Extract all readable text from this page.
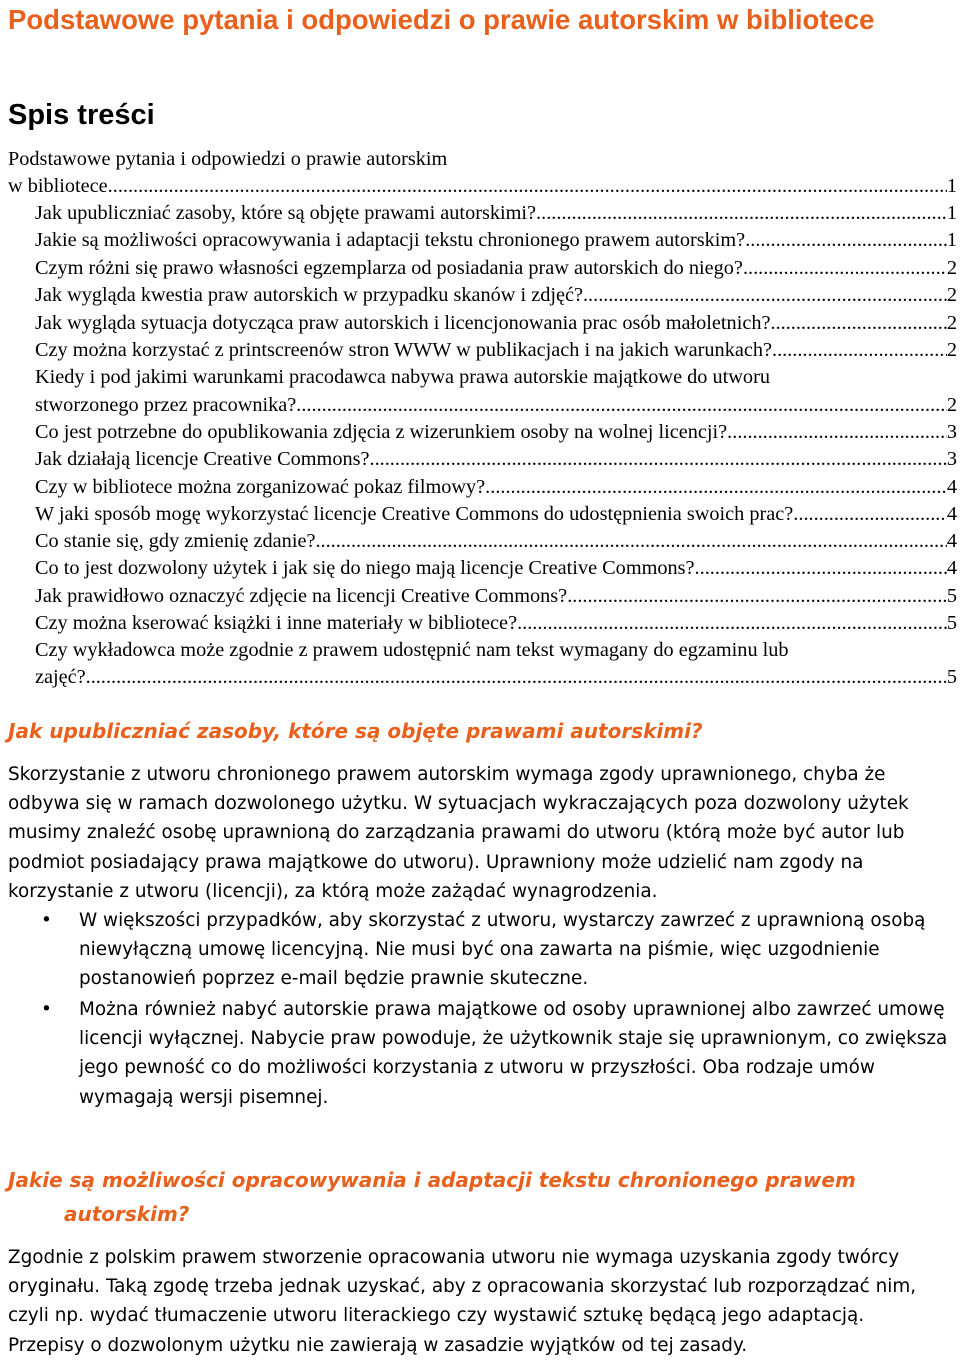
Podstawowe pytania i odpowiedzi o prawie autorskim w bibliotece
Spis treści
Podstawowe pytania i odpowiedzi o prawie autorskim
w bibliotece. .....	1
Jak upubliczniać zasoby, które są objęte prawami autorskimi? .....	1
Jakie są możliwości opracowywania i adaptacji tekstu chronionego prawem autorskim? .....	1
Czym różni się prawo własności egzemplarza od posiadania praw autorskich do niego? .....	2
Jak wygląda kwestia praw autorskich w przypadku skanów i zdjęć? .....	2
Jak wygląda sytuacja dotycząca praw autorskich i licencjonowania prac osób małoletnich? .....	2
Czy można korzystać z printscreenów stron WWW w publikacjach i na jakich warunkach? .....	2
Kiedy i pod jakimi warunkami pracodawca nabywa prawa autorskie majątkowe do utworu
stworzonego przez pracownika? .....	2
Co jest potrzebne do opublikowania zdjęcia z wizerunkiem osoby na wolnej licencji? .....	3
Jak działają licencje Creative Commons? .....	3
Czy w bibliotece można zorganizować pokaz filmowy? .....	4
W jaki sposób mogę wykorzystać licencje Creative Commons do udostępnienia swoich prac? .....	4
Co stanie się, gdy zmienię zdanie? .....	4
Co to jest dozwolony użytek i jak się do niego mają licencje Creative Commons? .....	4
Jak prawidłowo oznaczyć zdjęcie na licencji Creative Commons? .....	5
Czy można kserować książki i inne materiały w bibliotece? .....	5
Czy wykładowca może zgodnie z prawem udostępnić nam tekst wymagany do egzaminu lub
zajęć? .....	5
Jak upubliczniać zasoby, które są objęte prawami autorskimi?

Skorzystanie z utworu chronionego prawem autorskim wymaga zgody uprawnionego, chyba że odbywa się w ramach dozwolonego użytku. W sytuacjach wykraczających poza dozwolony użytek musimy znaleźć osobę uprawnioną do zarządzania prawami do utworu (którą może być autor lub podmiot posiadający prawa majątkowe do utworu). Uprawniony może udzielić nam zgody na korzystanie z utworu (licencji), za którą może zażądać wynagrodzenia.

• W większości przypadków, aby skorzystać z utworu, wystarczy zawrzeć z uprawnioną osobą niewyłączną umowę licencyjną. Nie musi być ona zawarta na piśmie, więc uzgodnienie postanowień poprzez e-mail będzie prawnie skuteczne.
• Można również nabyć autorskie prawa majątkowe od osoby uprawnionej albo zawrzeć umowę licencji wyłącznej. Nabycie praw powoduje, że użytkownik staje się uprawnionym, co zwiększa jego pewność co do możliwości korzystania z utworu w przyszłości. Oba rodzaje umów wymagają wersji pisemnej.
Jakie są możliwości opracowywania i adaptacji tekstu chronionego prawem
autorskim?

Zgodnie z polskim prawem stworzenie opracowania utworu nie wymaga uzyskania zgody twórcy oryginału. Taką zgodę trzeba jednak uzyskać, aby z opracowania skorzystać lub rozporządzać nim, czyli np. wydać tłumaczenie utworu literackiego czy wystawić sztukę będącą jego adaptacją. Przepisy o dozwolonym użytku nie zawierają w zasadzie wyjątków od tej zasady.
